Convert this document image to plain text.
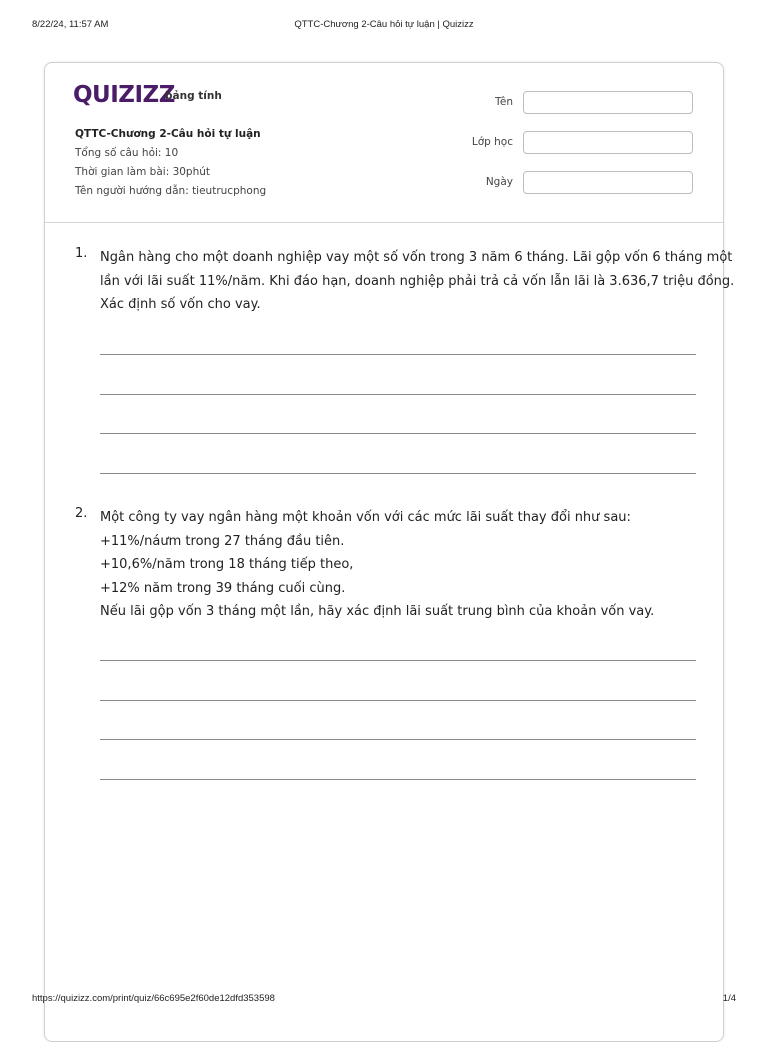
8/22/24, 11:57 AM	QTTC-Chương 2-Câu hỏi tự luận | Quizizz
QUIZIZZ
bảng tính
QTTC-Chương 2-Câu hỏi tự luận
Tổng số câu hỏi: 10
Thời gian làm bài: 30phút
Tên người hướng dẫn: tieutrucphong
Tên
Lớp học
Ngày
1. Ngân hàng cho một doanh nghiệp vay một số vốn trong 3 năm 6 tháng. Lãi gộp vốn 6 tháng một
lần với lãi suất 11%/năm. Khi đáo hạn, doanh nghiệp phải trả cả vốn lẫn lãi là 3.636,7 triệu đồng.
Xác định số vốn cho vay.
2. Một công ty vay ngân hàng một khoản vốn với các mức lãi suất thay đổi như sau:
+11%/náưm trong 27 tháng đầu tiên.
+10,6%/năm trong 18 tháng tiếp theo,
+12% năm trong 39 tháng cuối cùng.
Nếu lãi gộp vốn 3 tháng một lần, hãy xác định lãi suất trung bình của khoản vốn vay.
https://quizizz.com/print/quiz/66c695e2f60de12dfd353598	1/4
